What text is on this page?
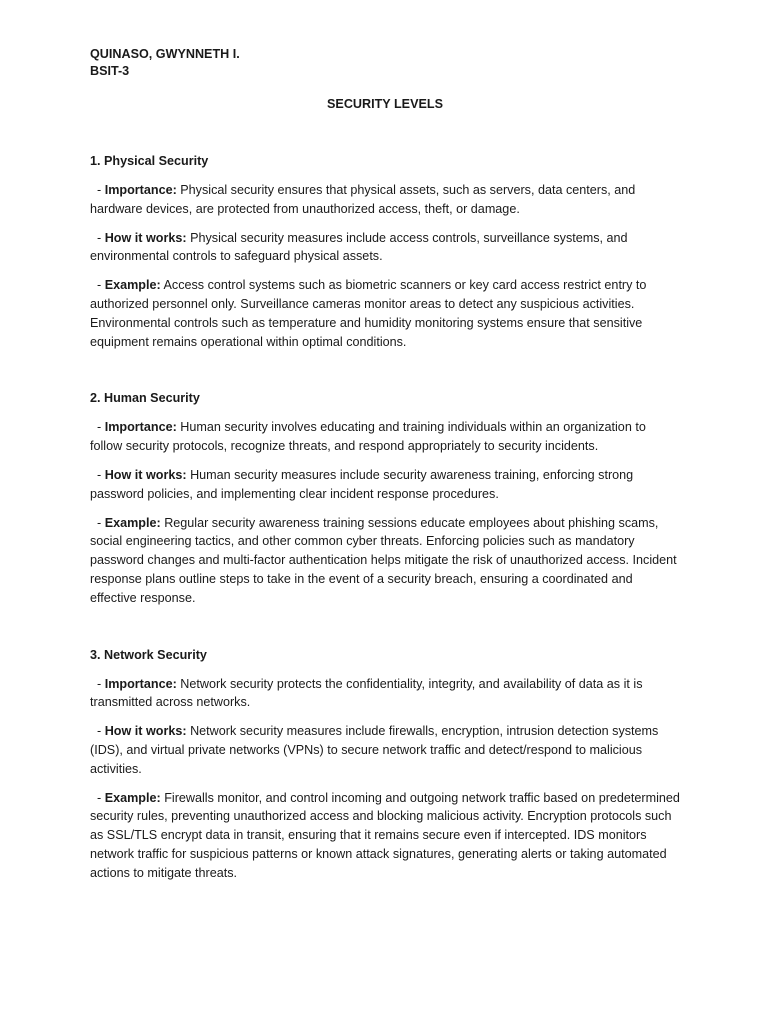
QUINASO, GWYNNETH I.

BSIT-3

SECURITY LEVELS

1. Physical Security

- Importance: Physical security ensures that physical assets, such as servers, data centers, and hardware devices, are protected from unauthorized access, theft, or damage.

- How it works: Physical security measures include access controls, surveillance systems, and environmental controls to safeguard physical assets.

- Example: Access control systems such as biometric scanners or key card access restrict entry to authorized personnel only. Surveillance cameras monitor areas to detect any suspicious activities. Environmental controls such as temperature and humidity monitoring systems ensure that sensitive equipment remains operational within optimal conditions.

2. Human Security

- Importance: Human security involves educating and training individuals within an organization to follow security protocols, recognize threats, and respond appropriately to security incidents.

- How it works: Human security measures include security awareness training, enforcing strong password policies, and implementing clear incident response procedures.

- Example: Regular security awareness training sessions educate employees about phishing scams, social engineering tactics, and other common cyber threats. Enforcing policies such as mandatory password changes and multi-factor authentication helps mitigate the risk of unauthorized access. Incident response plans outline steps to take in the event of a security breach, ensuring a coordinated and effective response.

3. Network Security

- Importance: Network security protects the confidentiality, integrity, and availability of data as it is transmitted across networks.

- How it works: Network security measures include firewalls, encryption, intrusion detection systems (IDS), and virtual private networks (VPNs) to secure network traffic and detect/respond to malicious activities.

- Example: Firewalls monitor, and control incoming and outgoing network traffic based on predetermined security rules, preventing unauthorized access and blocking malicious activity. Encryption protocols such as SSL/TLS encrypt data in transit, ensuring that it remains secure even if intercepted. IDS monitors network traffic for suspicious patterns or known attack signatures, generating alerts or taking automated actions to mitigate threats.
